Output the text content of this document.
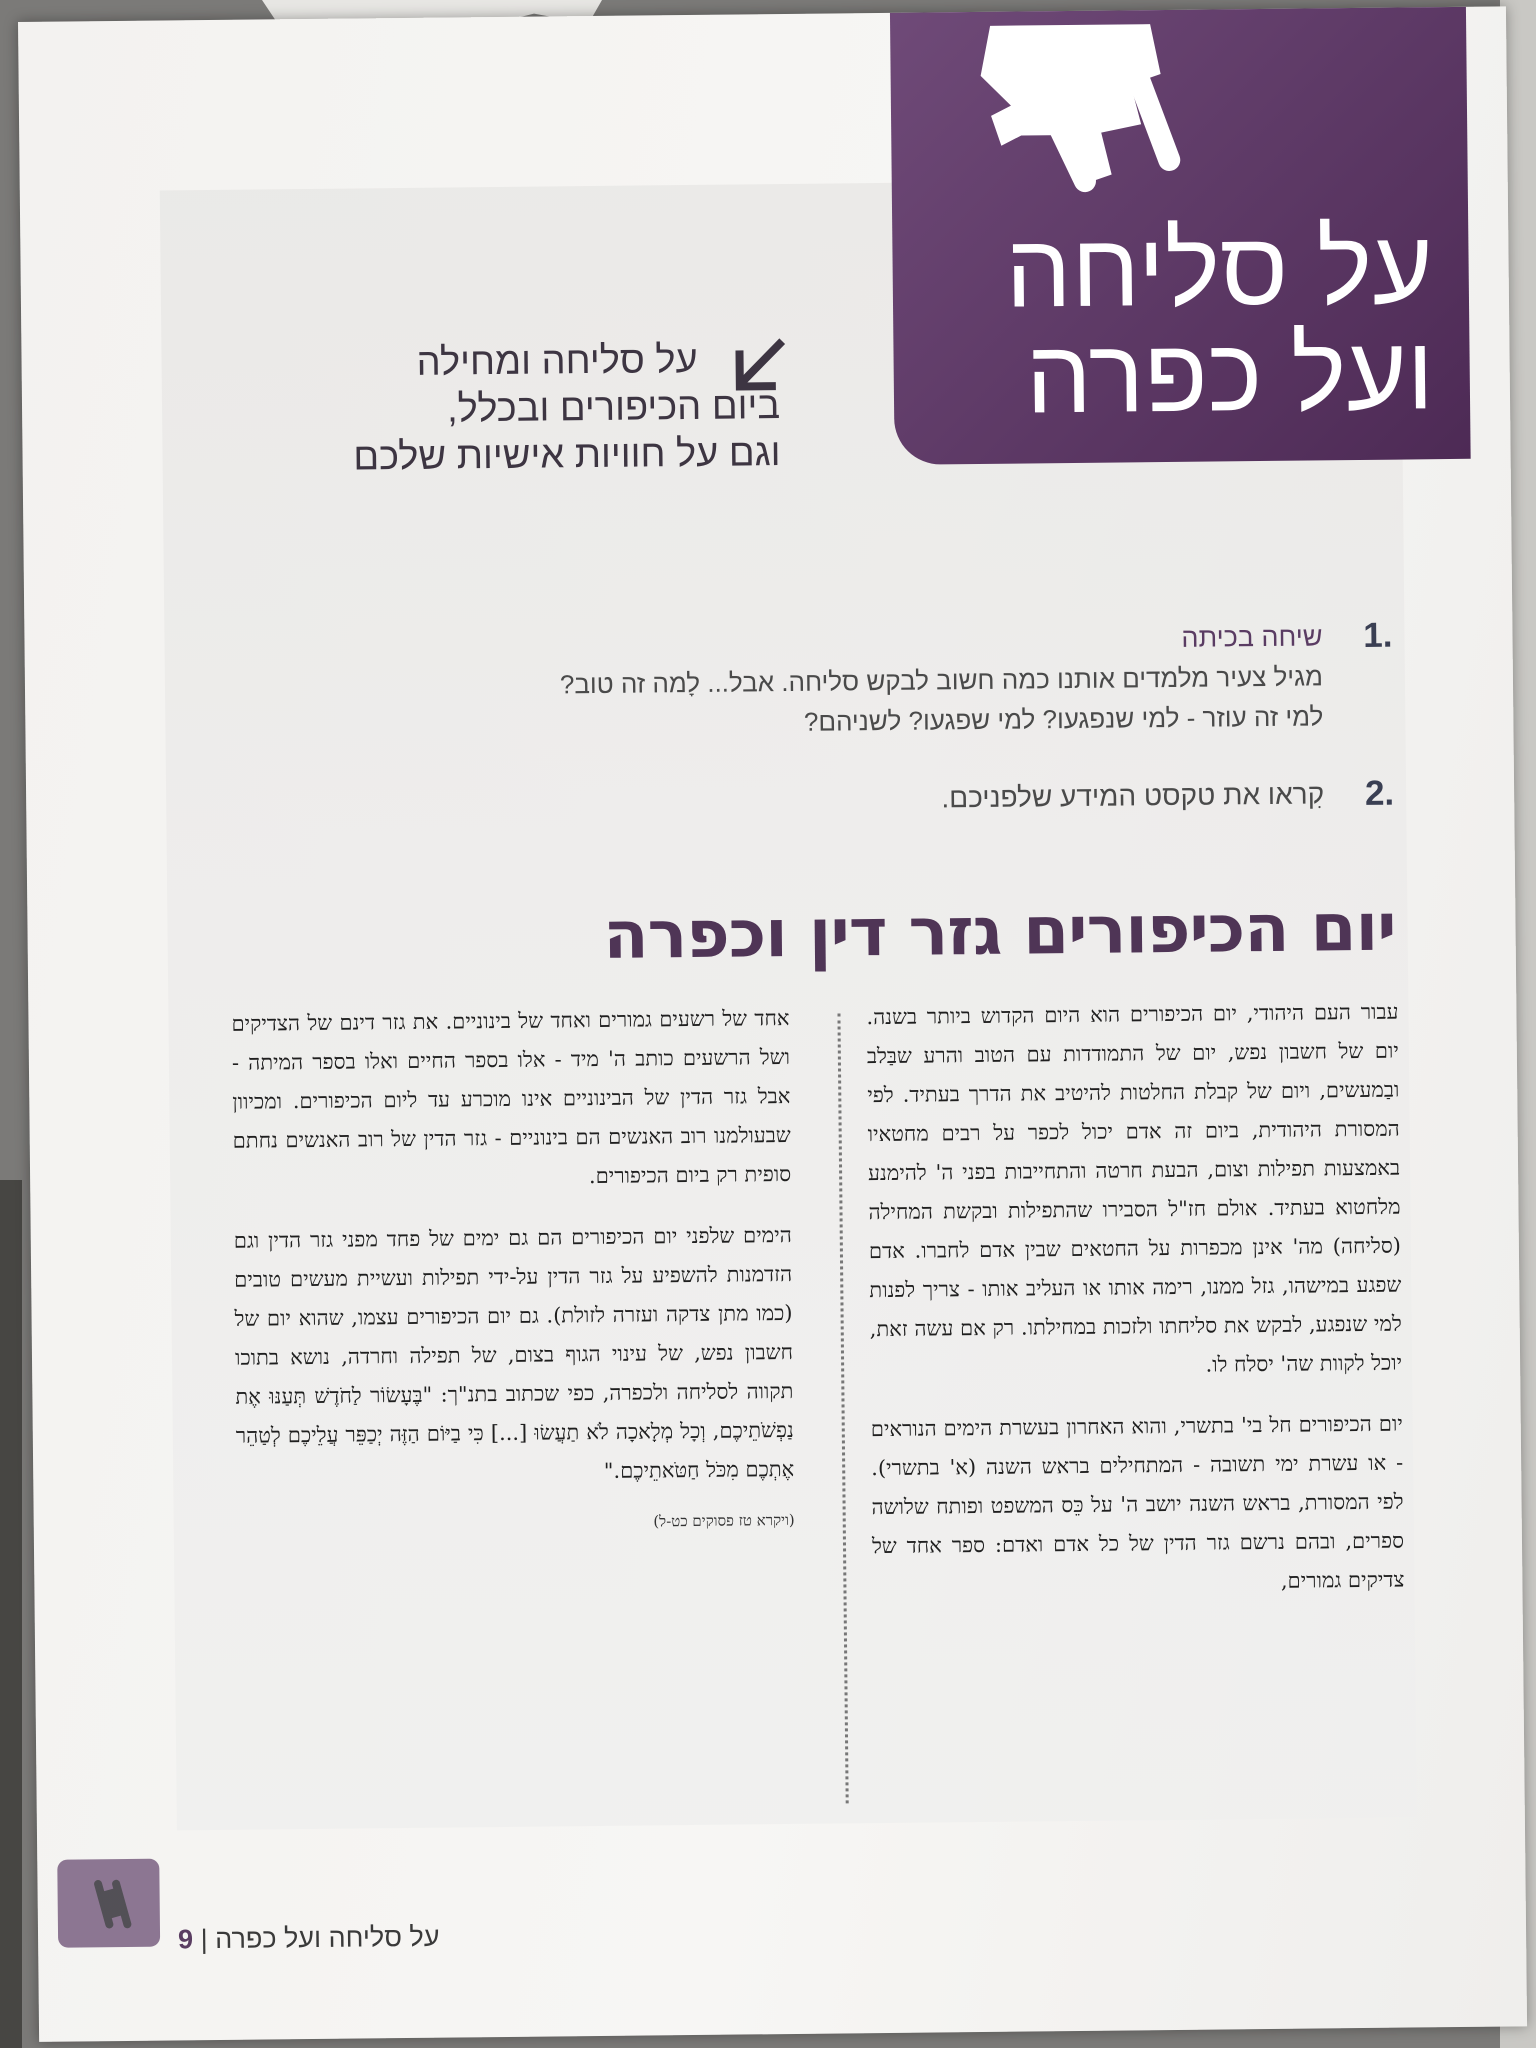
על סליחה
ועל כפרה
על סליחה ומחילה
ביום הכיפורים ובכלל,
וגם על חוויות אישיות שלכם
1.
שיחה בכיתה
מגיל צעיר מלמדים אותנו כמה חשוב לבקש סליחה. אבל... לָמה זה טוב?
למי זה עוזר - למי שנפגעו? למי שפגעו? לשניהם?
2.
קִראו את טקסט המידע שלפניכם.
יום הכיפורים גזר דין וכפרה

עבור העם היהודי, יום הכיפורים הוא היום הקדוש ביותר בשנה. יום של חשבון נפש, יום של התמודדות עם הטוב והרע שבַּלב ובַמעשים, ויום של קבלת החלטות להיטיב את הדרך בעתיד. לפי המסורת היהודית, ביום זה אדם יכול לכפר על רבים מחטאיו באמצעות תפילות וצום, הבעת חרטה והתחייבות בפני ה' להימנע מלחטוא בעתיד. אולם חז"ל הסבירו שהתפילות ובקשת המחילה (סליחה) מה' אינן מכפרות על החטאים שבין אדם לחברו. אדם שפגע במישהו, גזל ממנו, רימה אותו או העליב אותו - צריך לפנות למי שנפגע, לבקש את סליחתו ולזכות במחילתו. רק אם עשה זאת, יוכל לקוות שה' יסלח לו.

יום הכיפורים חל בי' בתשרי, והוא האחרון בעשרת הימים הנוראים - או עשרת ימי תשובה - המתחילים בראש השנה (א' בתשרי). לפי המסורת, בראש השנה יושב ה' על כֵּס המשפט ופותח שלושה ספרים, ובהם נרשם גזר הדין של כל אדם ואדם: ספר אחד של צדיקים גמורים,

אחד של רשעים גמורים ואחד של בינוניים. את גזר דינם של הצדיקים ושל הרשעים כותב ה' מיד - אלו בספר החיים ואלו בספר המיתה - אבל גזר הדין של הבינוניים אינו מוכרע עד ליום הכיפורים. ומכיוון שבעולמנו רוב האנשים הם בינוניים - גזר הדין של רוב האנשים נחתם סופית רק ביום הכיפורים.

הימים שלפני יום הכיפורים הם גם ימים של פחד מפני גזר הדין וגם הזדמנות להשפיע על גזר הדין על-ידי תפילות ועשיית מעשים טובים (כמו מתן צדקה ועזרה לזולת). גם יום הכיפורים עצמו, שהוא יום של חשבון נפש, של עינוי הגוף בצום, של תפילה וחרדה, נושא בתוכו תקווה לסליחה ולכפרה, כפי שכתוב בתנ"ך: "בֶּעָשׂוֹר לַחֹדֶשׁ תְּעַנּוּ אֶת נַפְשֹׁתֵיכֶם, וְכָל מְלָאכָה לֹא תַעֲשׂוּ [...] כִּי בַיּוֹם הַזֶּה יְכַפֵּר עֲלֵיכֶם לְטַהֵר אֶתְכֶם מִכֹּל חַטֹּאתֵיכֶם."

(ויקרא טז פסוקים כט-ל)
9 | על סליחה ועל כפרה
